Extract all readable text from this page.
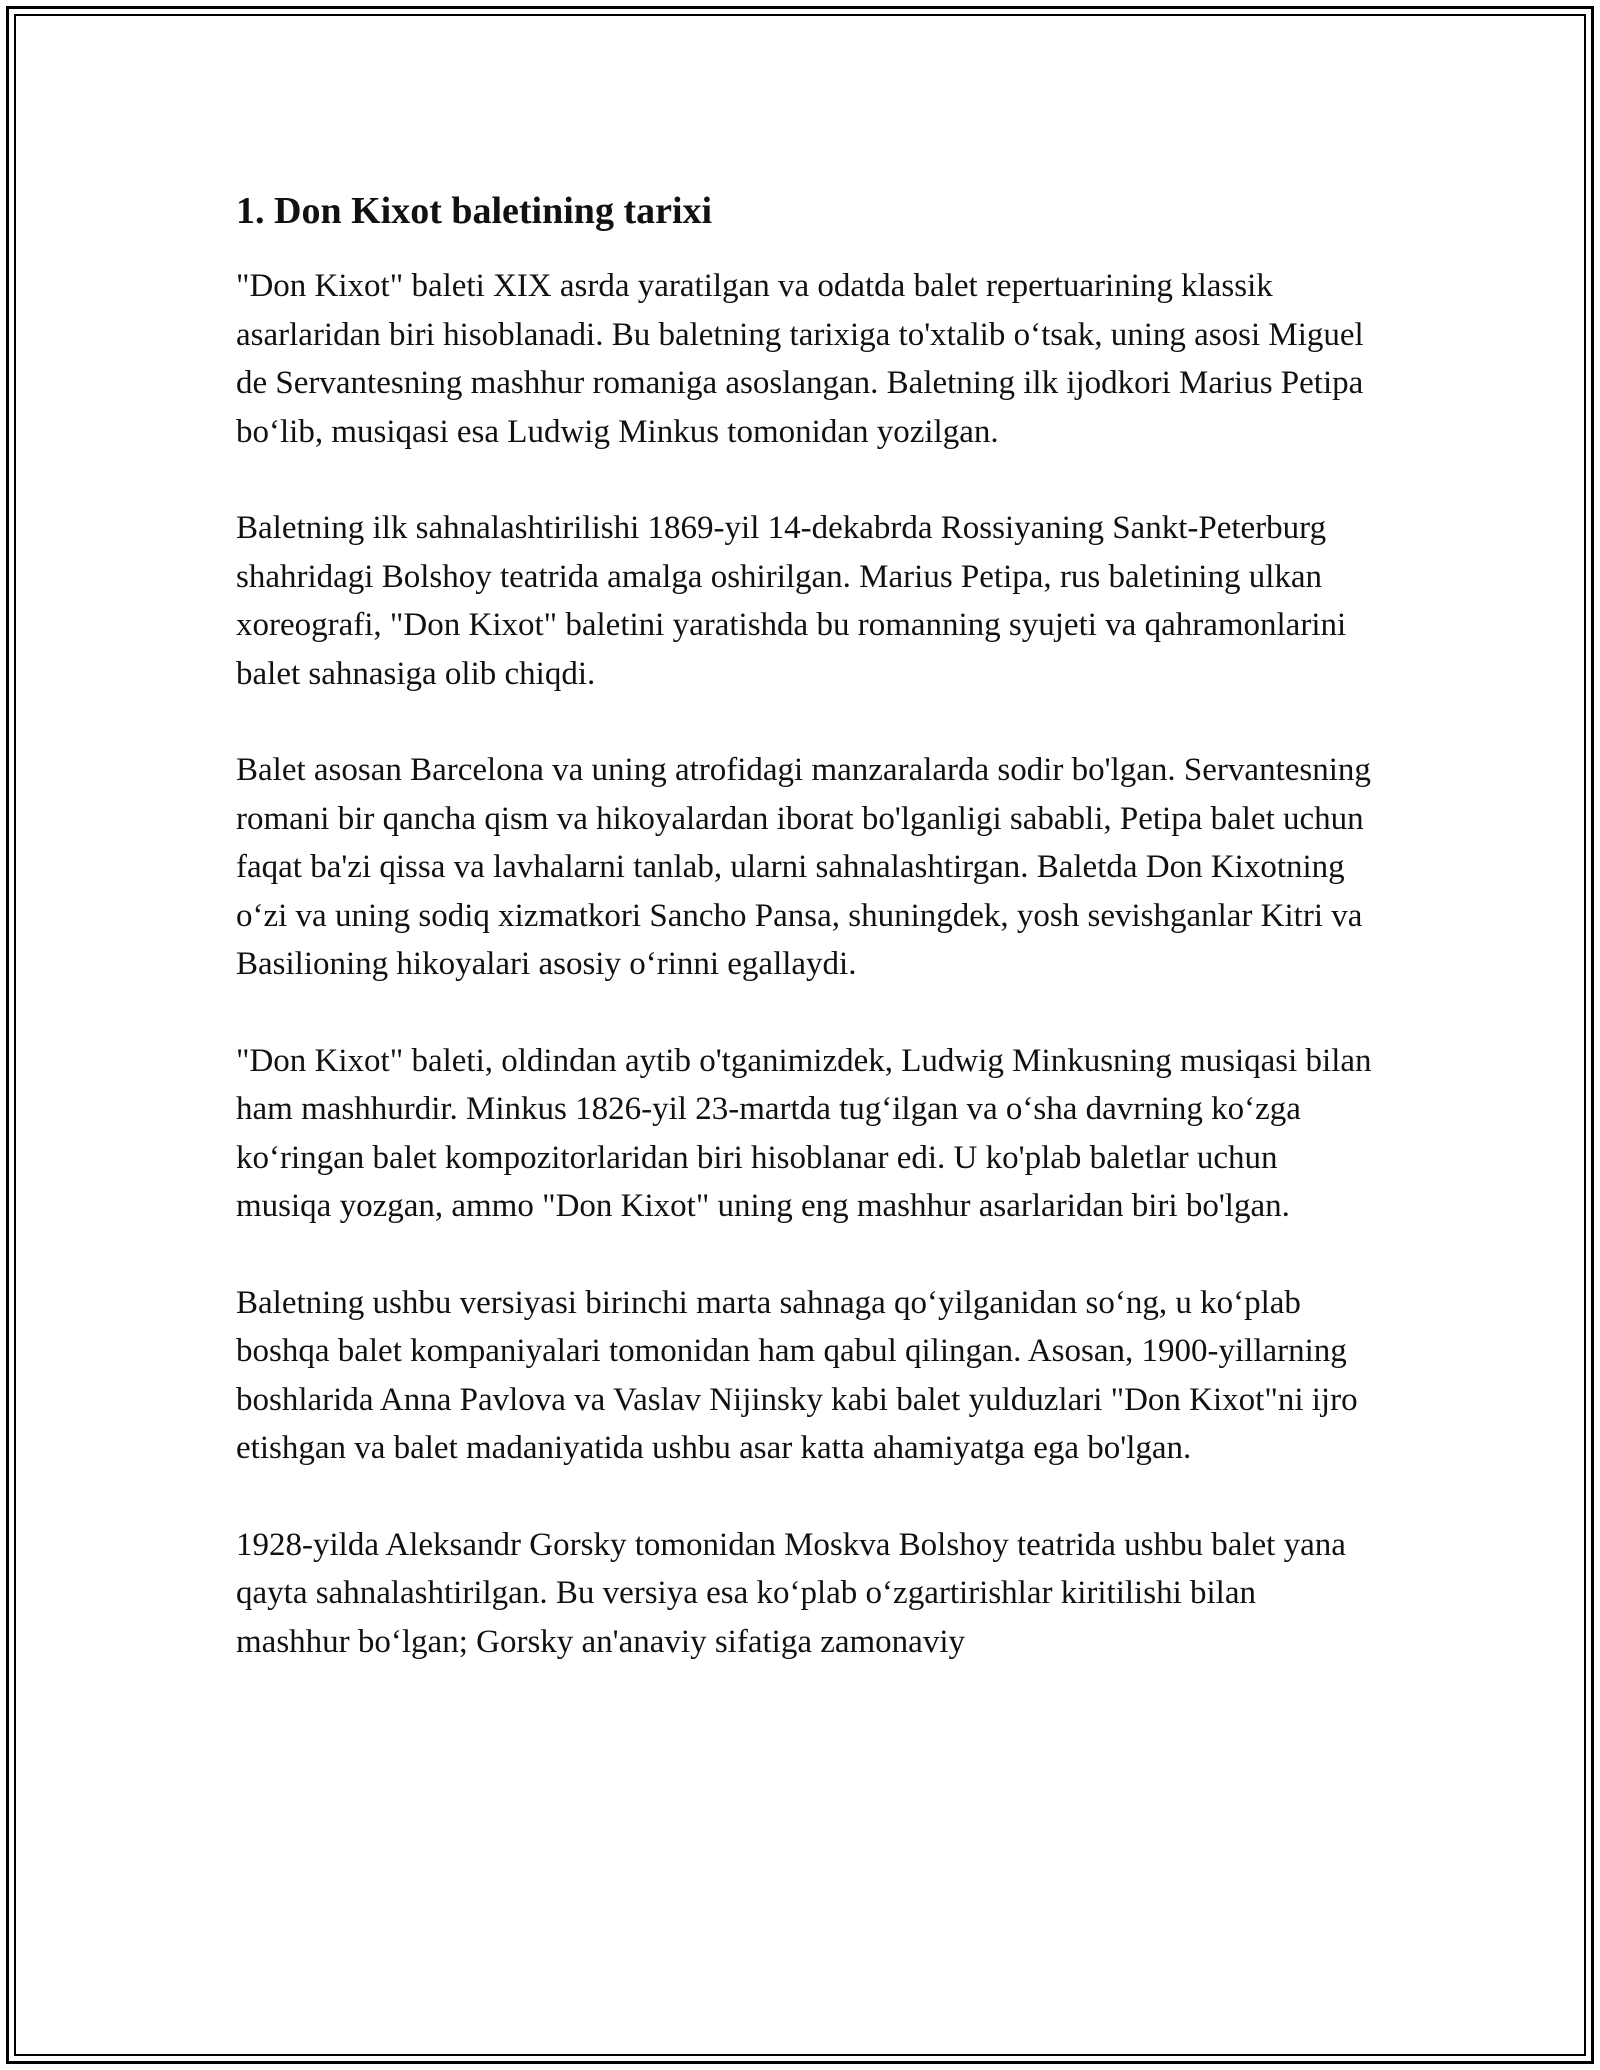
1. Don Kixot baletining tarixi

"Don Kixot" baleti XIX asrda yaratilgan va odatda balet repertuarining klassik asarlaridan biri hisoblanadi. Bu baletning tarixiga to'xtalib o‘tsak, uning asosi Miguel de Servantesning mashhur romaniga asoslangan. Baletning ilk ijodkori Marius Petipa bo‘lib, musiqasi esa Ludwig Minkus tomonidan yozilgan.

Baletning ilk sahnalashtirilishi 1869-yil 14-dekabrda Rossiyaning Sankt-Peterburg shahridagi Bolshoy teatrida amalga oshirilgan. Marius Petipa, rus baletining ulkan xoreografi, "Don Kixot" baletini yaratishda bu romanning syujeti va qahramonlarini balet sahnasiga olib chiqdi.

Balet asosan Barcelona va uning atrofidagi manzaralarda sodir bo'lgan. Servantesning romani bir qancha qism va hikoyalardan iborat bo'lganligi sababli, Petipa balet uchun faqat ba'zi qissa va lavhalarni tanlab, ularni sahnalashtirgan. Baletda Don Kixotning o‘zi va uning sodiq xizmatkori Sancho Pansa, shuningdek, yosh sevishganlar Kitri va Basilioning hikoyalari asosiy o‘rinni egallaydi.

"Don Kixot" baleti, oldindan aytib o'tganimizdek, Ludwig Minkusning musiqasi bilan ham mashhurdir. Minkus 1826-yil 23-martda tug‘ilgan va o‘sha davrning ko‘zga ko‘ringan balet kompozitorlaridan biri hisoblanar edi. U ko'plab baletlar uchun musiqa yozgan, ammo "Don Kixot" uning eng mashhur asarlaridan biri bo'lgan.

Baletning ushbu versiyasi birinchi marta sahnaga qo‘yilganidan so‘ng, u ko‘plab boshqa balet kompaniyalari tomonidan ham qabul qilingan. Asosan, 1900-yillarning boshlarida Anna Pavlova va Vaslav Nijinsky kabi balet yulduzlari "Don Kixot"ni ijro etishgan va balet madaniyatida ushbu asar katta ahamiyatga ega bo'lgan.

1928-yilda Aleksandr Gorsky tomonidan Moskva Bolshoy teatrida ushbu balet yana qayta sahnalashtirilgan. Bu versiya esa ko‘plab o‘zgartirishlar kiritilishi bilan mashhur bo‘lgan; Gorsky an'anaviy sifatiga zamonaviy
